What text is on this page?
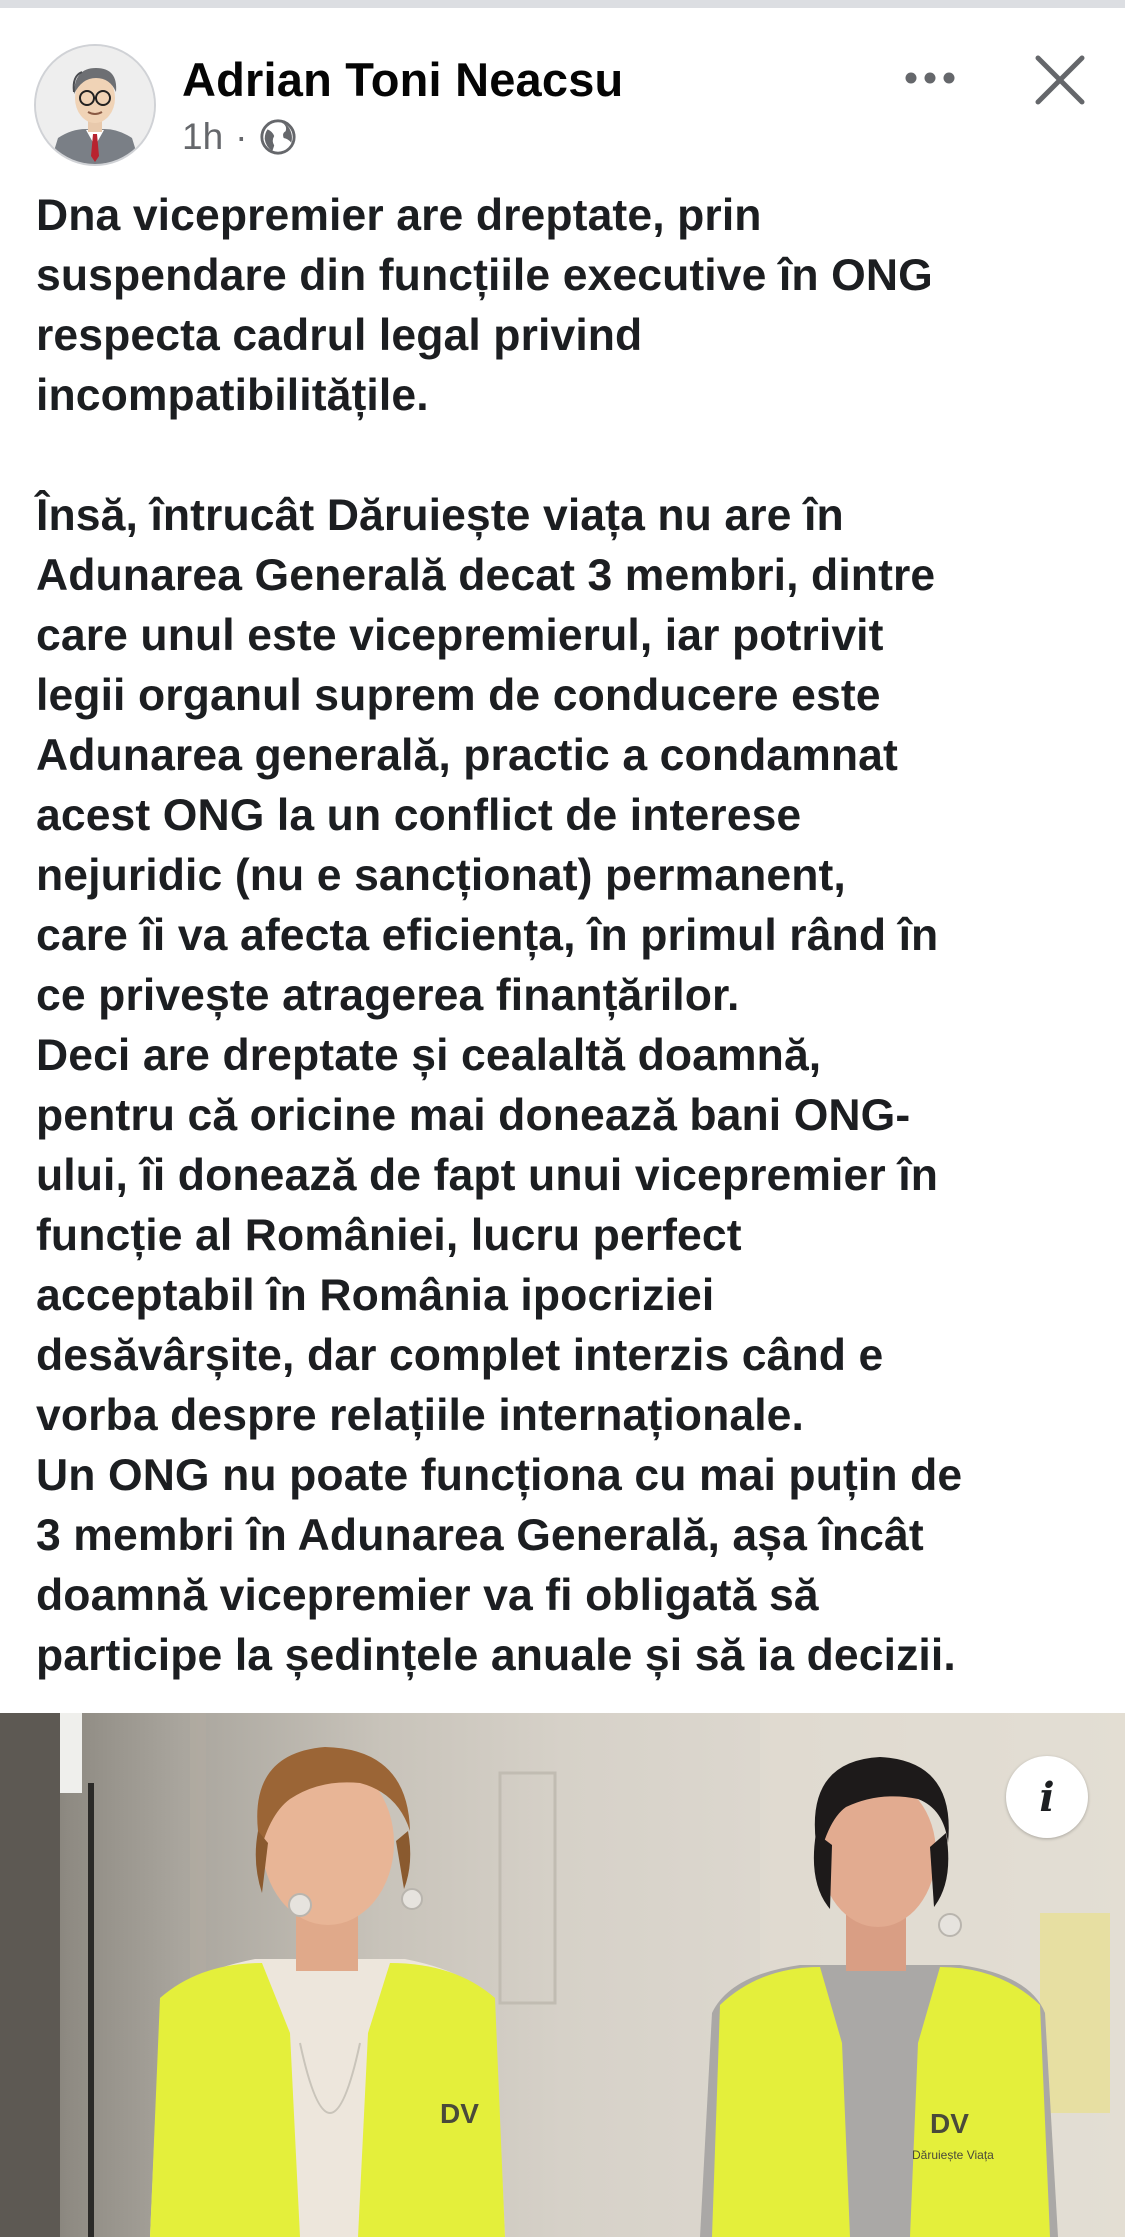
Adrian Toni Neacsu
1h ·
Dna vicepremier are dreptate, prin
suspendare din funcțiile executive în ONG
respecta cadrul legal privind
incompatibilitățile.
Însă, întrucât Dăruiește viața nu are în
Adunarea Generală decat 3 membri, dintre
care unul este vicepremierul, iar potrivit
legii organul suprem de conducere este
Adunarea generală, practic a condamnat
acest ONG la un conflict de interese
nejuridic (nu e sancționat) permanent,
care îi va afecta eficiența, în primul rând în
ce privește atragerea finanțărilor.
Deci are dreptate și cealaltă doamnă,
pentru că oricine mai donează bani ONG-
ului, îi donează de fapt unui vicepremier în
funcție al României, lucru perfect
acceptabil în România ipocriziei
desăvârșite, dar complet interzis când e
vorba despre relațiile internaționale.
Un ONG nu poate funcționa cu mai puțin de
3 membri în Adunarea Generală, așa încât
doamnă vicepremier va fi obligată să
participe la ședințele anuale și să ia decizii.
DV	DV
Dăruiește Viața
i
